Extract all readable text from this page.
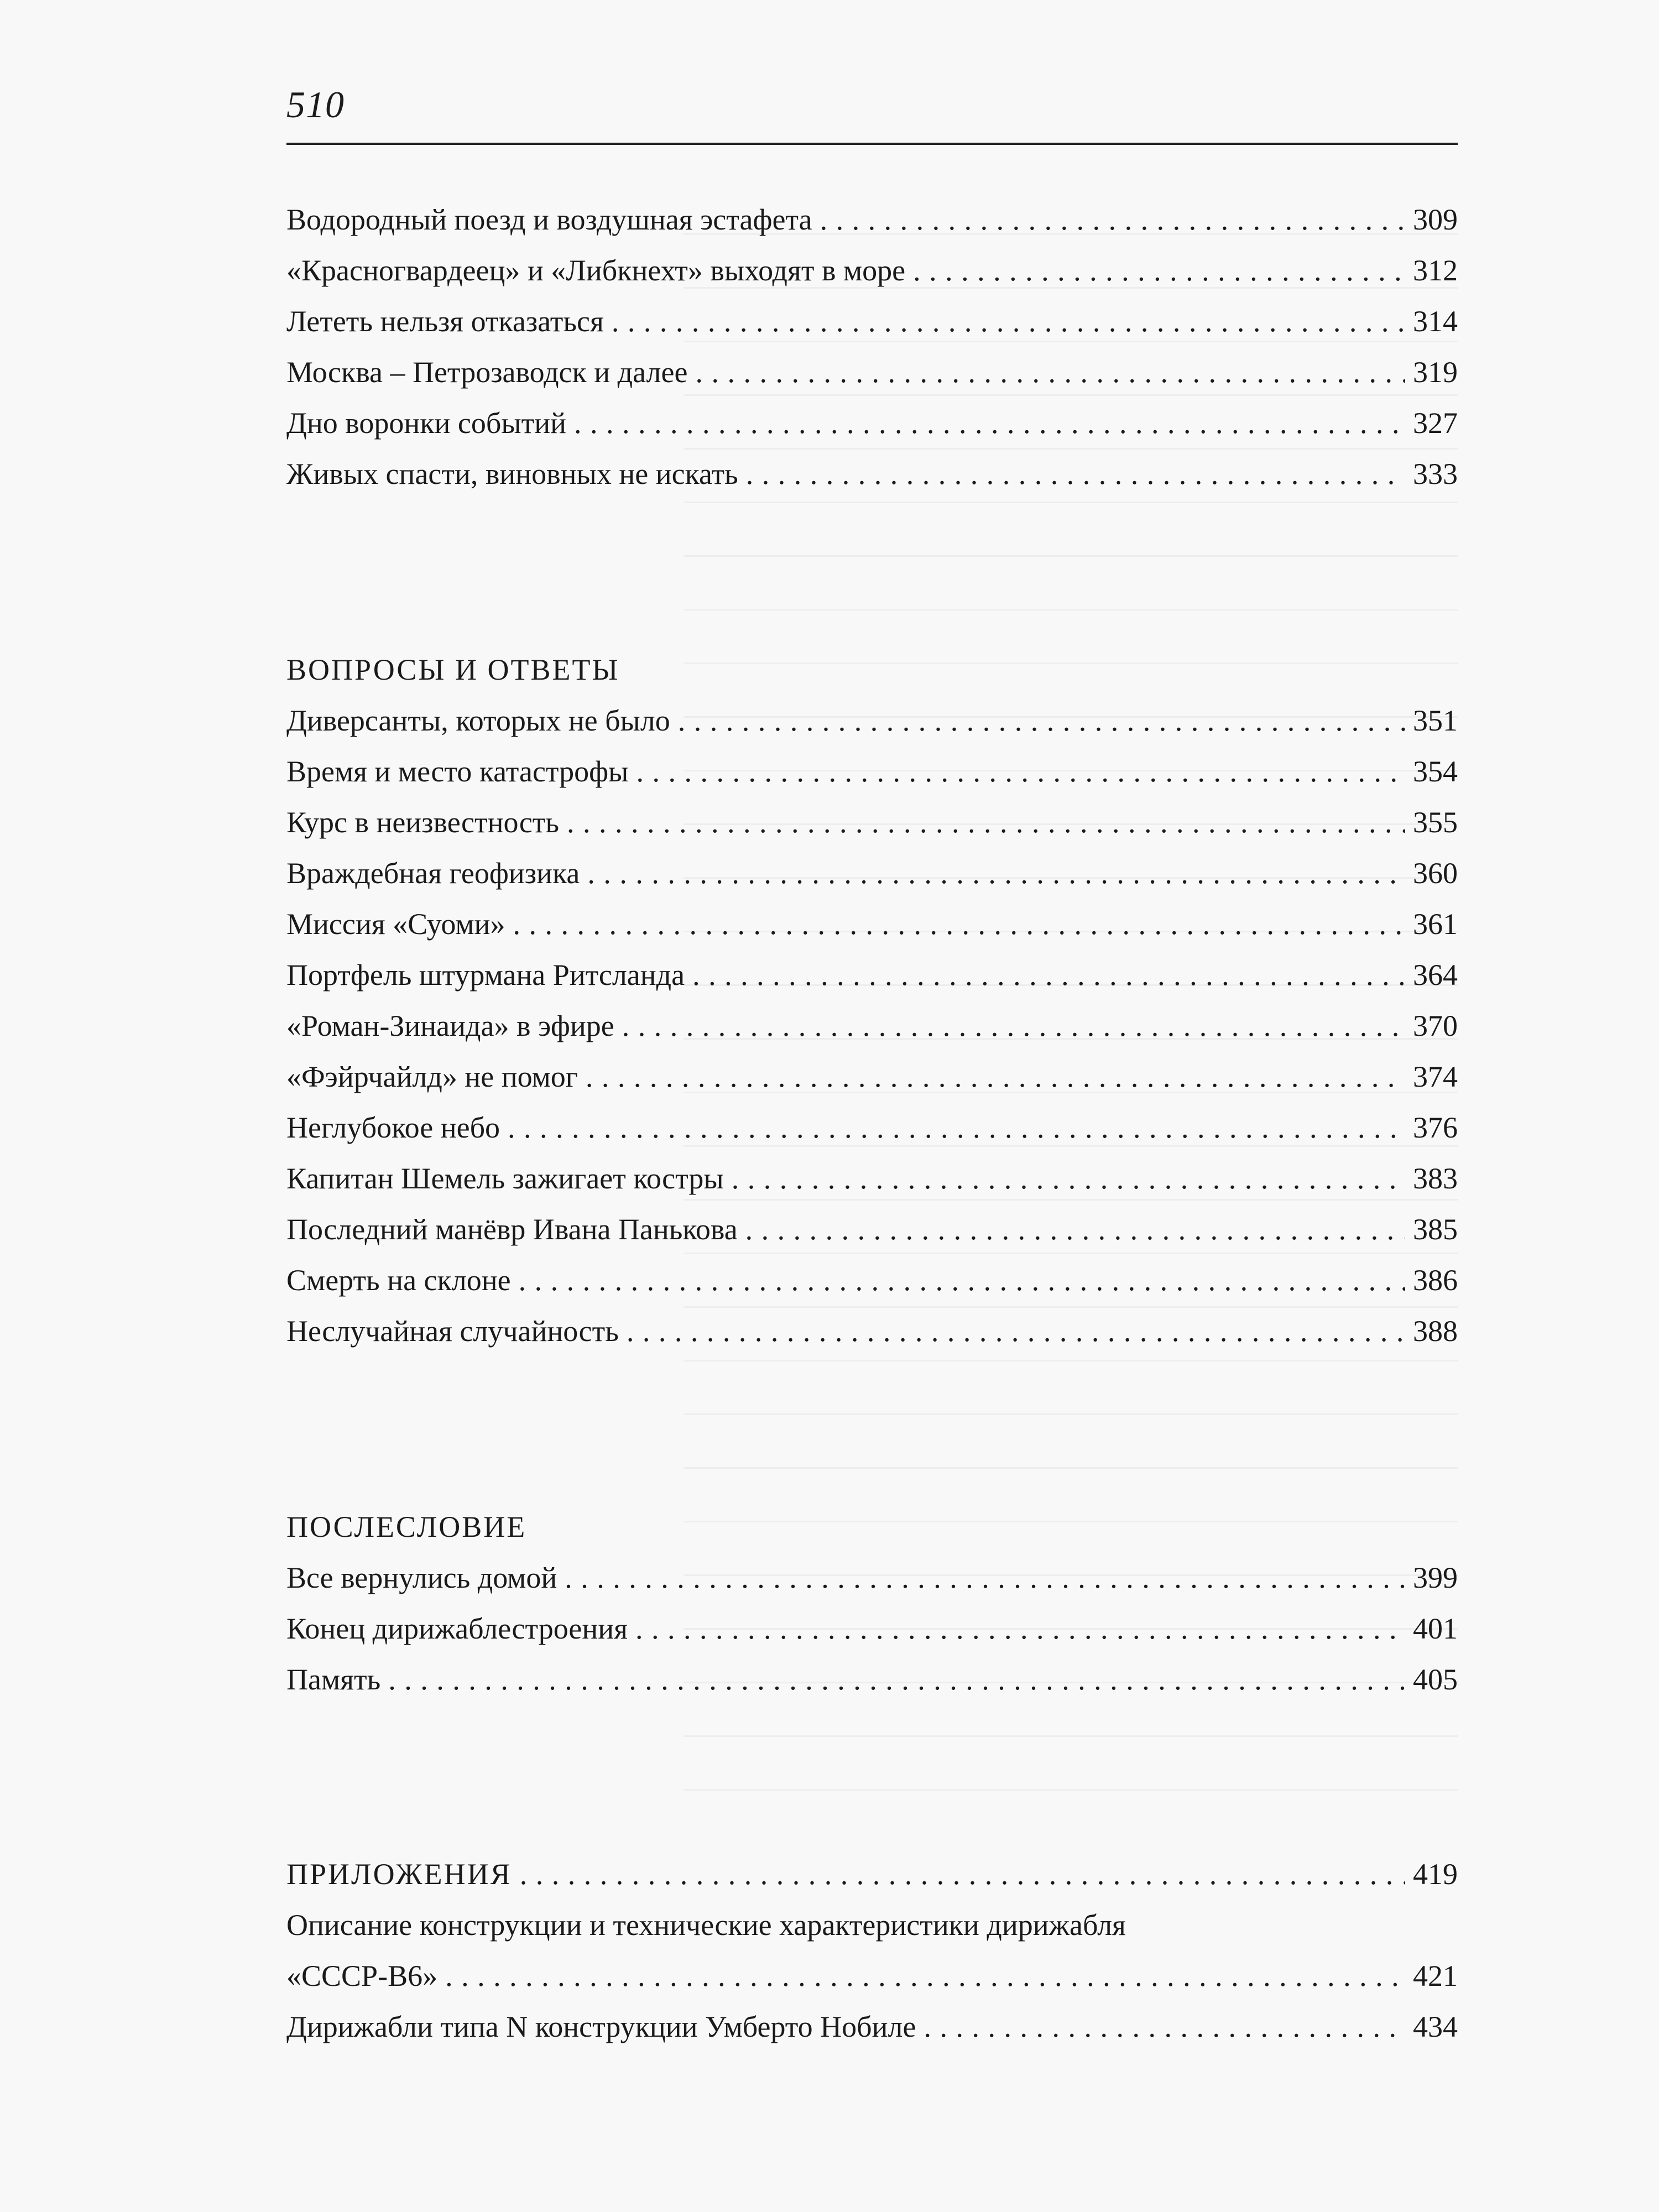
510
Водородный поезд и воздушная эстафета . . .	309
«Красногвардеец» и «Либкнехт» выходят в море . . .	312
Лететь нельзя отказаться . . .	314
Москва – Петрозаводск и далее . . .	319
Дно воронки событий . . .	327
Живых спасти, виновных не искать . . .	333
ВОПРОСЫ И ОТВЕТЫ
Диверсанты, которых не было . . .	351
Время и место катастрофы . . .	354
Курс в неизвестность . . .	355
Враждебная геофизика . . .	360
Миссия «Суоми» . . .	361
Портфель штурмана Ритсланда . . .	364
«Роман-Зинаида» в эфире . . .	370
«Фэйрчайлд» не помог . . .	374
Неглубокое небо . . .	376
Капитан Шемель зажигает костры . . .	383
Последний манёвр Ивана Панькова . . .	385
Смерть на склоне . . .	386
Неслучайная случайность . . .	388
ПОСЛЕСЛОВИЕ
Все вернулись домой . . .	399
Конец дирижаблестроения . . .	401
Память . . .	405
ПРИЛОЖЕНИЯ . . .	419
Описание конструкции и технические характеристики дирижабля
«СССР-В6» . . .	421
Дирижабли типа N конструкции Умберто Нобиле . . .	434
